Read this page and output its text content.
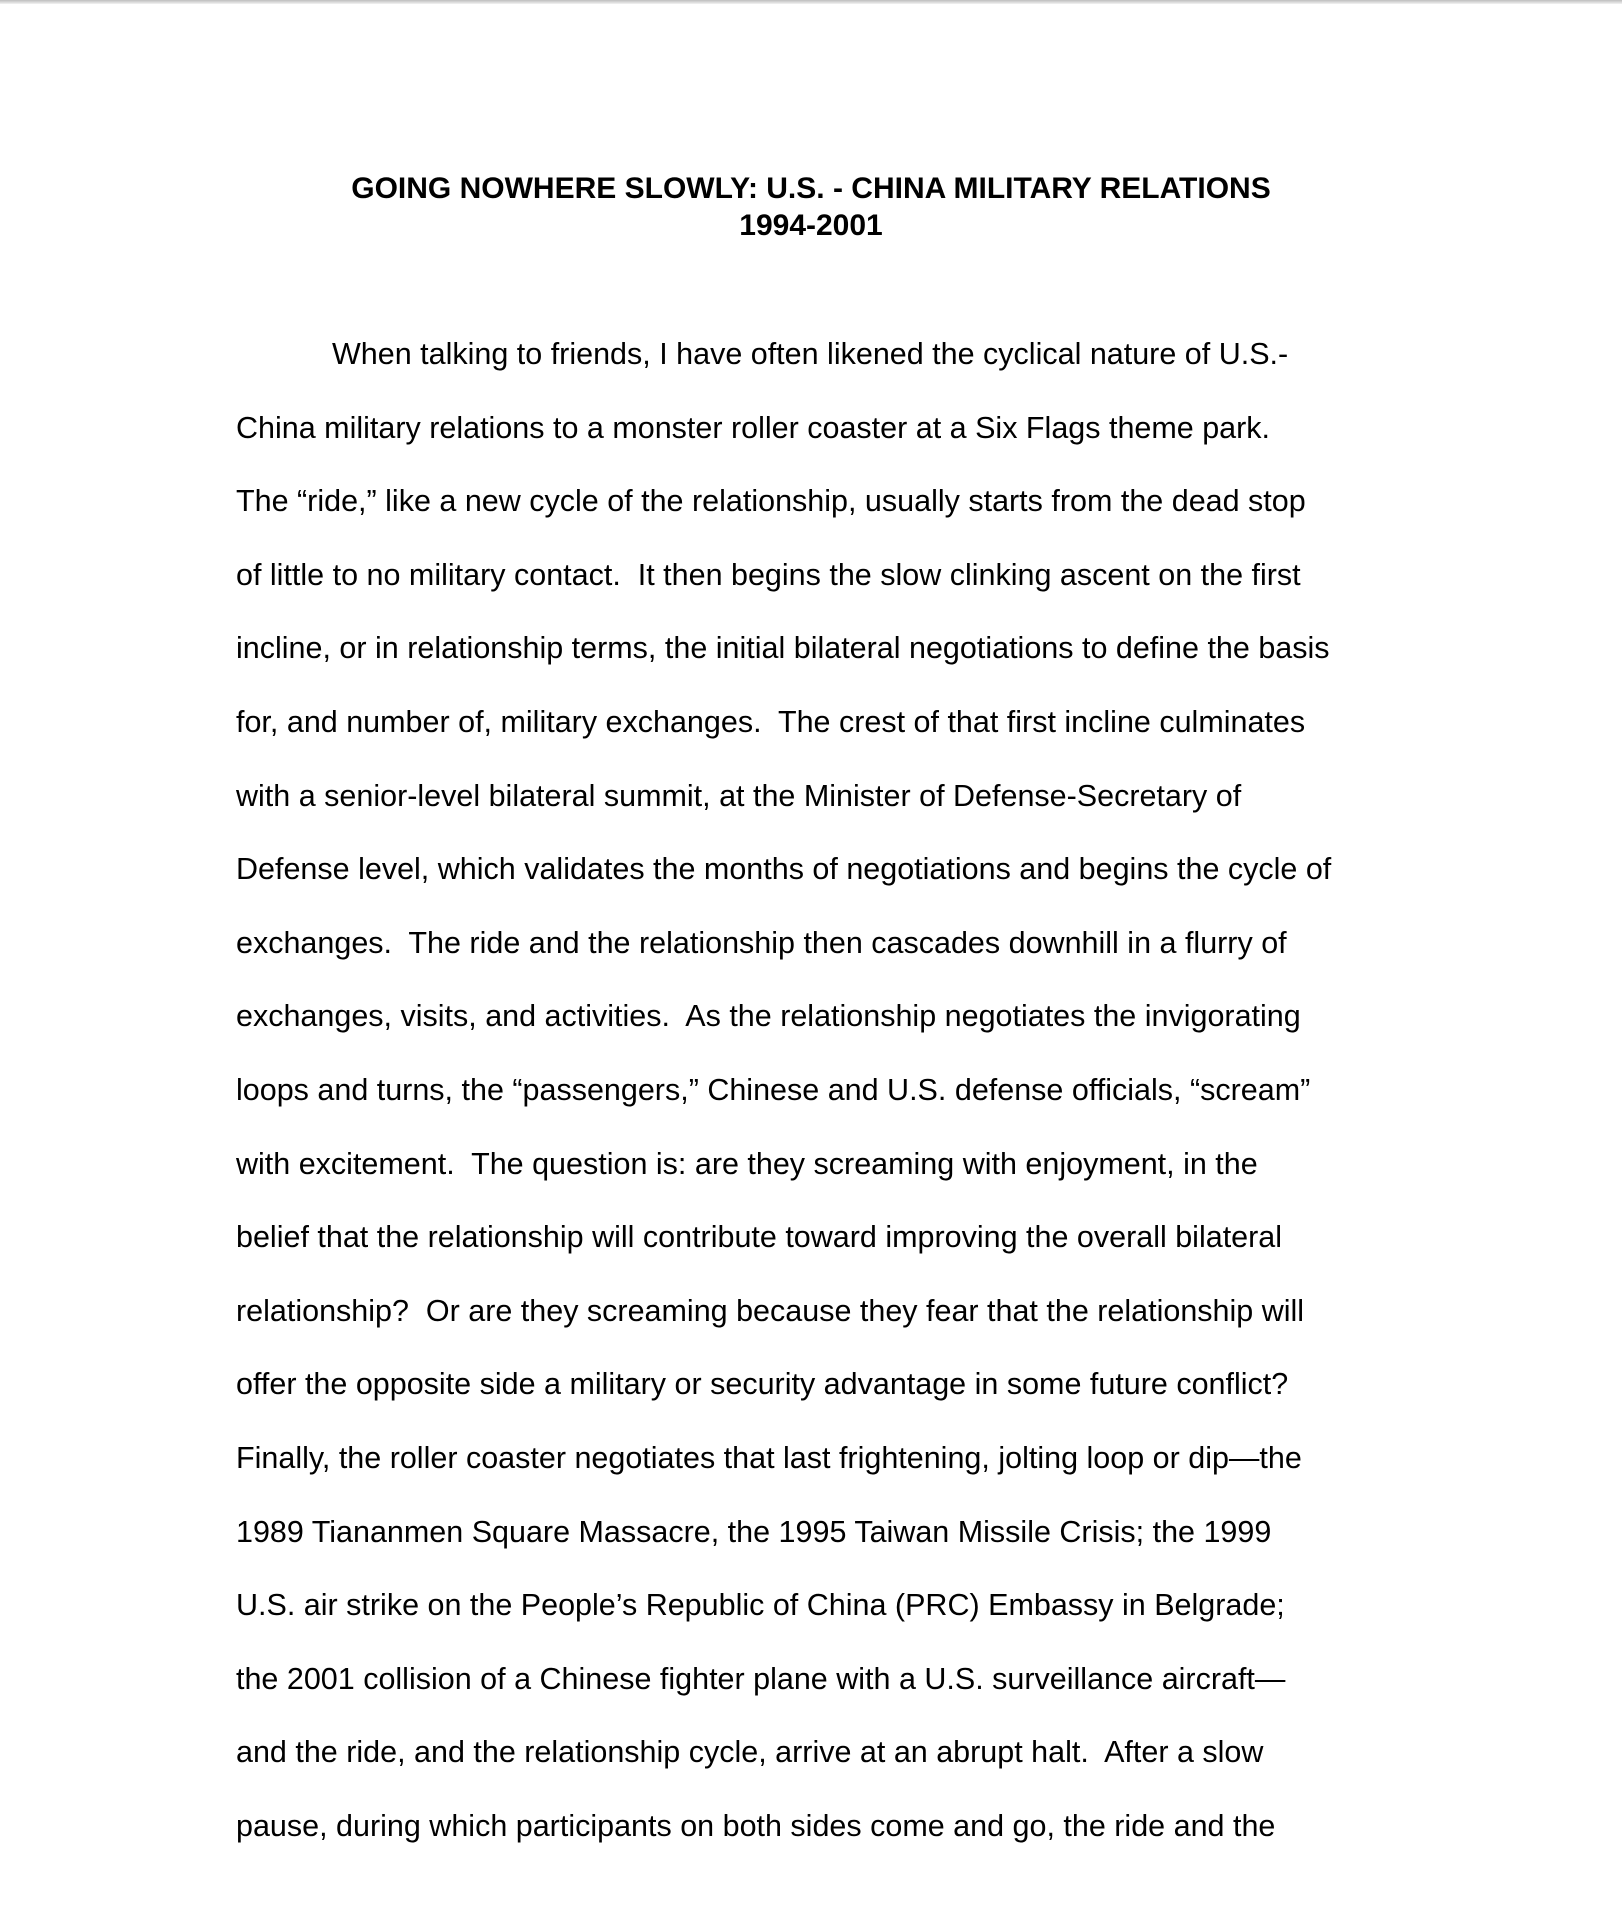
GOING NOWHERE SLOWLY: U.S. - CHINA MILITARY RELATIONS
1994-2001
When talking to friends, I have often likened the cyclical nature of U.S.-
China military relations to a monster roller coaster at a Six Flags theme park.
The “ride,” like a new cycle of the relationship, usually starts from the dead stop
of little to no military contact.  It then begins the slow clinking ascent on the first
incline, or in relationship terms, the initial bilateral negotiations to define the basis
for, and number of, military exchanges.  The crest of that first incline culminates
with a senior-level bilateral summit, at the Minister of Defense-Secretary of
Defense level, which validates the months of negotiations and begins the cycle of
exchanges.  The ride and the relationship then cascades downhill in a flurry of
exchanges, visits, and activities.  As the relationship negotiates the invigorating
loops and turns, the “passengers,” Chinese and U.S. defense officials, “scream”
with excitement.  The question is: are they screaming with enjoyment, in the
belief that the relationship will contribute toward improving the overall bilateral
relationship?  Or are they screaming because they fear that the relationship will
offer the opposite side a military or security advantage in some future conflict?
Finally, the roller coaster negotiates that last frightening, jolting loop or dip—the
1989 Tiananmen Square Massacre, the 1995 Taiwan Missile Crisis; the 1999
U.S. air strike on the People’s Republic of China (PRC) Embassy in Belgrade;
the 2001 collision of a Chinese fighter plane with a U.S. surveillance aircraft—
and the ride, and the relationship cycle, arrive at an abrupt halt.  After a slow
pause, during which participants on both sides come and go, the ride and the
